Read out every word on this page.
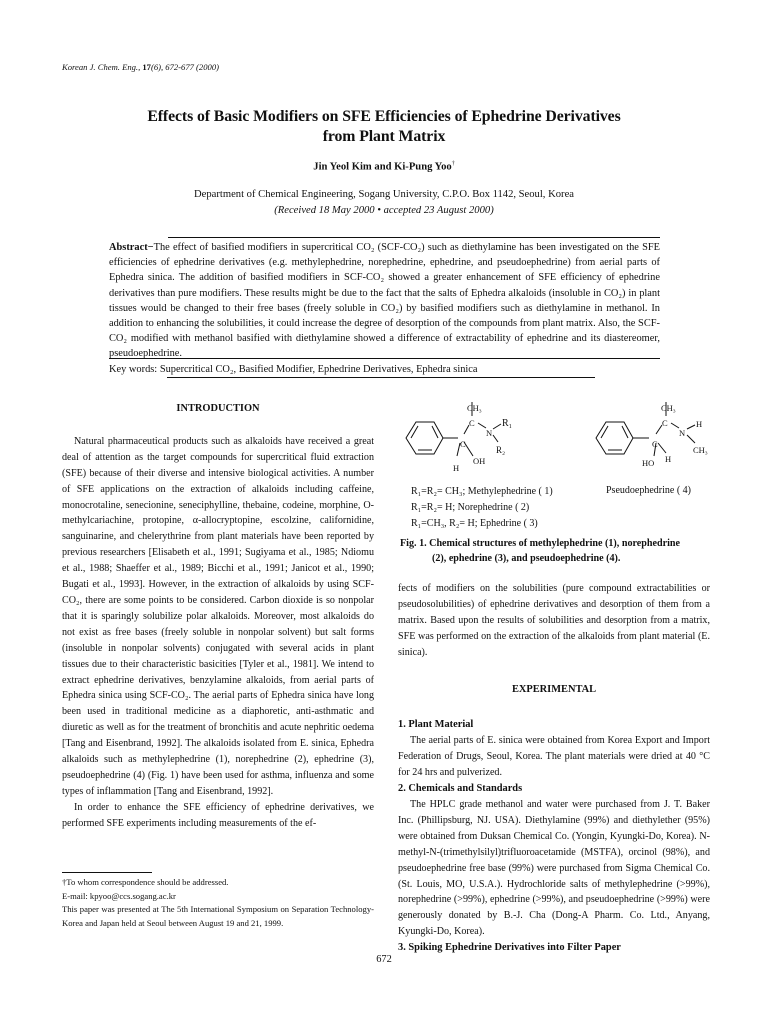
Korean J. Chem. Eng., 17(6), 672-677 (2000)
Effects of Basic Modifiers on SFE Efficiencies of Ephedrine Derivatives
from Plant Matrix
Jin Yeol Kim and Ki-Pung Yoo†
Department of Chemical Engineering, Sogang University, C.P.O. Box 1142, Seoul, Korea
(Received 18 May 2000 • accepted 23 August 2000)
Abstract−The effect of basified modifiers in supercritical CO₂ (SCF-CO₂) such as diethylamine has been investigated on the SFE efficiencies of ephedrine derivatives (e.g. methylephedrine, norephedrine, ephedrine, and pseudoephedrine) from aerial parts of Ephedra sinica. The addition of basified modifiers in SCF-CO₂ showed a greater enhancement of SFE efficiency of ephedrine derivatives than pure modifiers. These results might be due to the fact that the salts of Ephedra alkaloids (insoluble in CO₂) in plant tissues would be changed to their free bases (freely soluble in CO₂) by basified modifiers such as diethylamine in methanol. In addition to enhancing the solubilities, it could increase the degree of desorption of the compounds from plant matrix. Also, the SCF-CO₂ modified with methanol basified with diethylamine showed a difference of extractability of ephedrine and its diastereomer, pseudoephedrine.
Key words: Supercritical CO₂, Basified Modifier, Ephedrine Derivatives, Ephedra sinica
INTRODUCTION

Natural pharmaceutical products such as alkaloids have received a great deal of attention as the target compounds for supercritical fluid extraction (SFE) because of their diverse and intensive biological activities. A number of SFE applications on the extraction of alkaloids including caffeine, monocrotaline, senecionine, seneciphylline, thebaine, codeine, morphine, O-methylcariachine, protopine, α-allocryptopine, escolzine, californidine, sanguinarine, and chelerythrine from plant materials have been reported by previous researchers [Elisabeth et al., 1991; Sugiyama et al., 1985; Ndiomu et al., 1988; Shaeffer et al., 1989; Bicchi et al., 1991; Janicot et al., 1990; Bugati et al., 1993]. However, in the extraction of alkaloids by using SCF-CO₂, there are some points to be considered. Carbon dioxide is so nonpolar that it is sparingly solubilize polar alkaloids. Moreover, most alkaloids do not exist as free bases (freely soluble in nonpolar solvent) but salt forms (insoluble in nonpolar solvents) conjugated with several acids in plant tissues due to their characteristic basicities [Tyler et al., 1981]. We intend to extract ephedrine derivatives, benzylamine alkaloids, from aerial parts of Ephedra sinica using SCF-CO₂. The aerial parts of Ephedra sinica have long been used in traditional medicine as a diaphoretic, anti-asthmatic and diuretic as well as for the treatment of bronchitis and acute nephritic oedema [Tang and Eisenbrand, 1992]. The alkaloids isolated from E. sinica, Ephedra alkaloids such as methylephedrine (1), norephedrine (2), ephedrine (3), pseudoephedrine (4) (Fig. 1) have been used for asthma, influenza and some types of inflammation [Tang and Eisenbrand, 1992].

In order to enhance the SFE efficiency of ephedrine derivatives, we performed SFE experiments including measurements of the ef-

†To whom correspondence should be addressed.
E-mail: kpyoo@ccs.sogang.ac.kr
This paper was presented at The 5th International Symposium on Separation Technology-Korea and Japan held at Seoul between August 19 and 21, 1999.
CH₃
C
N
R₁
R₂
C
OH
H
CH₃
C
N
H
CH₃
C
HO H
R₁=R₂= CH₃; Methylephedrine ( 1)
R₁=R₂= H; Norephedrine ( 2)
R₁=CH₃, R₂= H; Ephedrine ( 3)
Pseudoephedrine ( 4)
Fig. 1. Chemical structures of methylephedrine (1), norephedrine
(2), ephedrine (3), and pseudoephedrine (4).

fects of modifiers on the solubilities (pure compound extractabilities or pseudosolubilities) of ephedrine derivatives and desorption of them from a matrix. Based upon the results of solubilities and desorption from a matrix, SFE was performed on the extraction of the alkaloids from plant material (E. sinica).

EXPERIMENTAL
1. Plant Material

The aerial parts of E. sinica were obtained from Korea Export and Import Federation of Drugs, Seoul, Korea. The plant materials were dried at 40 °C for 24 hrs and pulverized.

2. Chemicals and Standards

The HPLC grade methanol and water were purchased from J. T. Baker Inc. (Phillipsburg, NJ. USA). Diethylamine (99%) and diethylether (95%) were obtained from Duksan Chemical Co. (Yongin, Kyungki-Do, Korea). N-methyl-N-(trimethylsilyl)trifluoroacetamide (MSTFA), orcinol (98%), and pseudoephedrine free base (99%) were purchased from Sigma Chemical Co. (St. Louis, MO, U.S.A.). Hydrochloride salts of methylephedrine (>99%), norephedrine (>99%), ephedrine (>99%), and pseudoephedrine (>99%) were generously donated by B.-J. Cha (Dong-A Pharm. Co. Ltd., Anyang, Kyungki-Do, Korea).

3. Spiking Ephedrine Derivatives into Filter Paper
672
